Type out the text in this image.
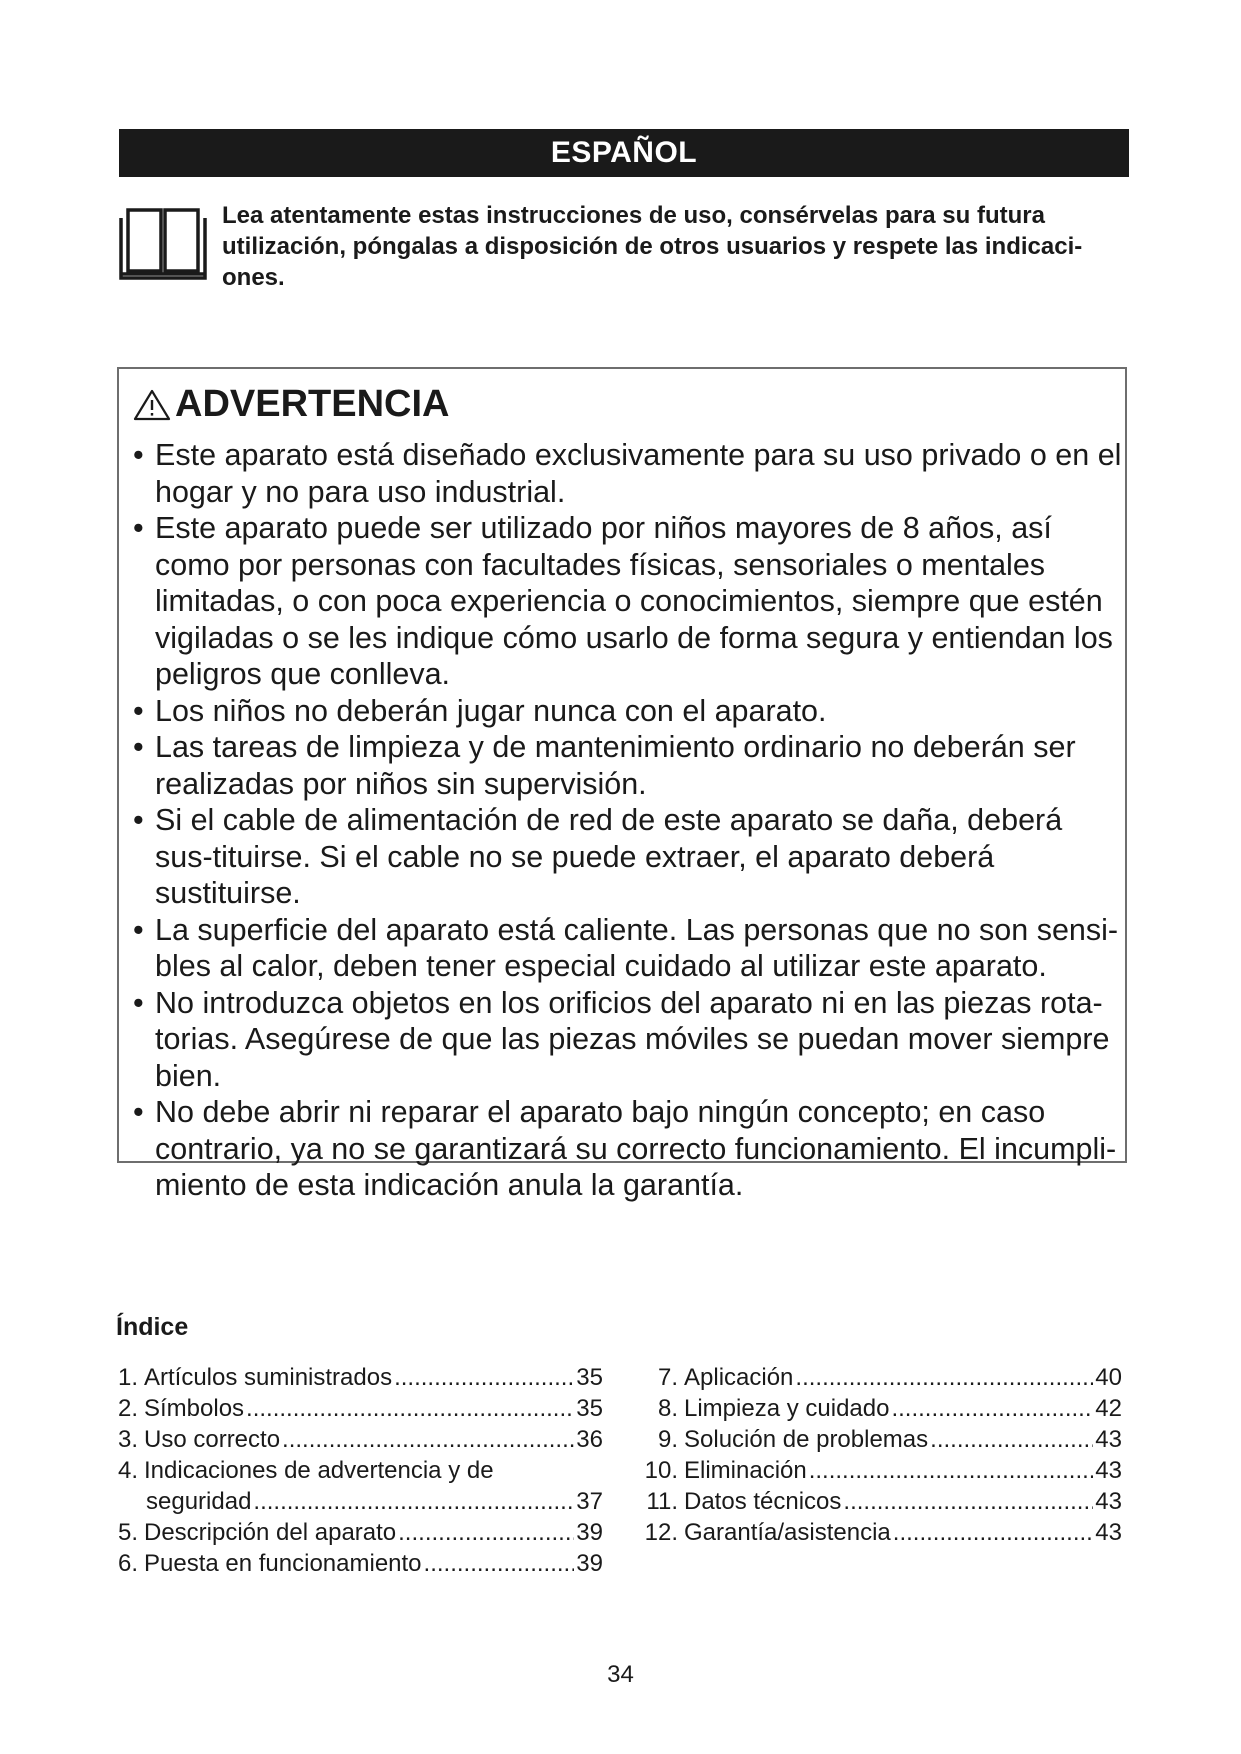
ESPAÑOL
Lea atentamente estas instrucciones de uso, consérvelas para su futura utilización, póngalas a disposición de otros usuarios y respete las indicaci-ones.
ADVERTENCIA
• Este aparato está diseñado exclusivamente para su uso privado o en el hogar y no para uso industrial.
• Este aparato puede ser utilizado por niños mayores de 8 años, así como por personas con facultades físicas, sensoriales o mentales limitadas, o con poca experiencia o conocimientos, siempre que estén vigiladas o se les indique cómo usarlo de forma segura y entiendan los peligros que conlleva.
• Los niños no deberán jugar nunca con el aparato.
• Las tareas de limpieza y de mantenimiento ordinario no deberán ser realizadas por niños sin supervisión.
• Si el cable de alimentación de red de este aparato se daña, deberá sus-tituirse. Si el cable no se puede extraer, el aparato deberá sustituirse.
• La superficie del aparato está caliente. Las personas que no son sensi-bles al calor, deben tener especial cuidado al utilizar este aparato.
• No introduzca objetos en los orificios del aparato ni en las piezas rota-torias. Asegúrese de que las piezas móviles se puedan mover siempre bien.
• No debe abrir ni reparar el aparato bajo ningún concepto; en caso contrario, ya no se garantizará su correcto funcionamiento. El incumpli-miento de esta indicación anula la garantía.
Índice
1. Artículos suministrados .....	35
2. Símbolos .....	35
3. Uso correcto .....	36
4. Indicaciones de advertencia y de
seguridad .....	37
5. Descripción del aparato .....	39
6. Puesta en funcionamiento .....	39
7. Aplicación .....	40
8. Limpieza y cuidado .....	42
9. Solución de problemas .....	43
10. Eliminación .....	43
11. Datos técnicos .....	43
12. Garantía/asistencia .....	43
34
